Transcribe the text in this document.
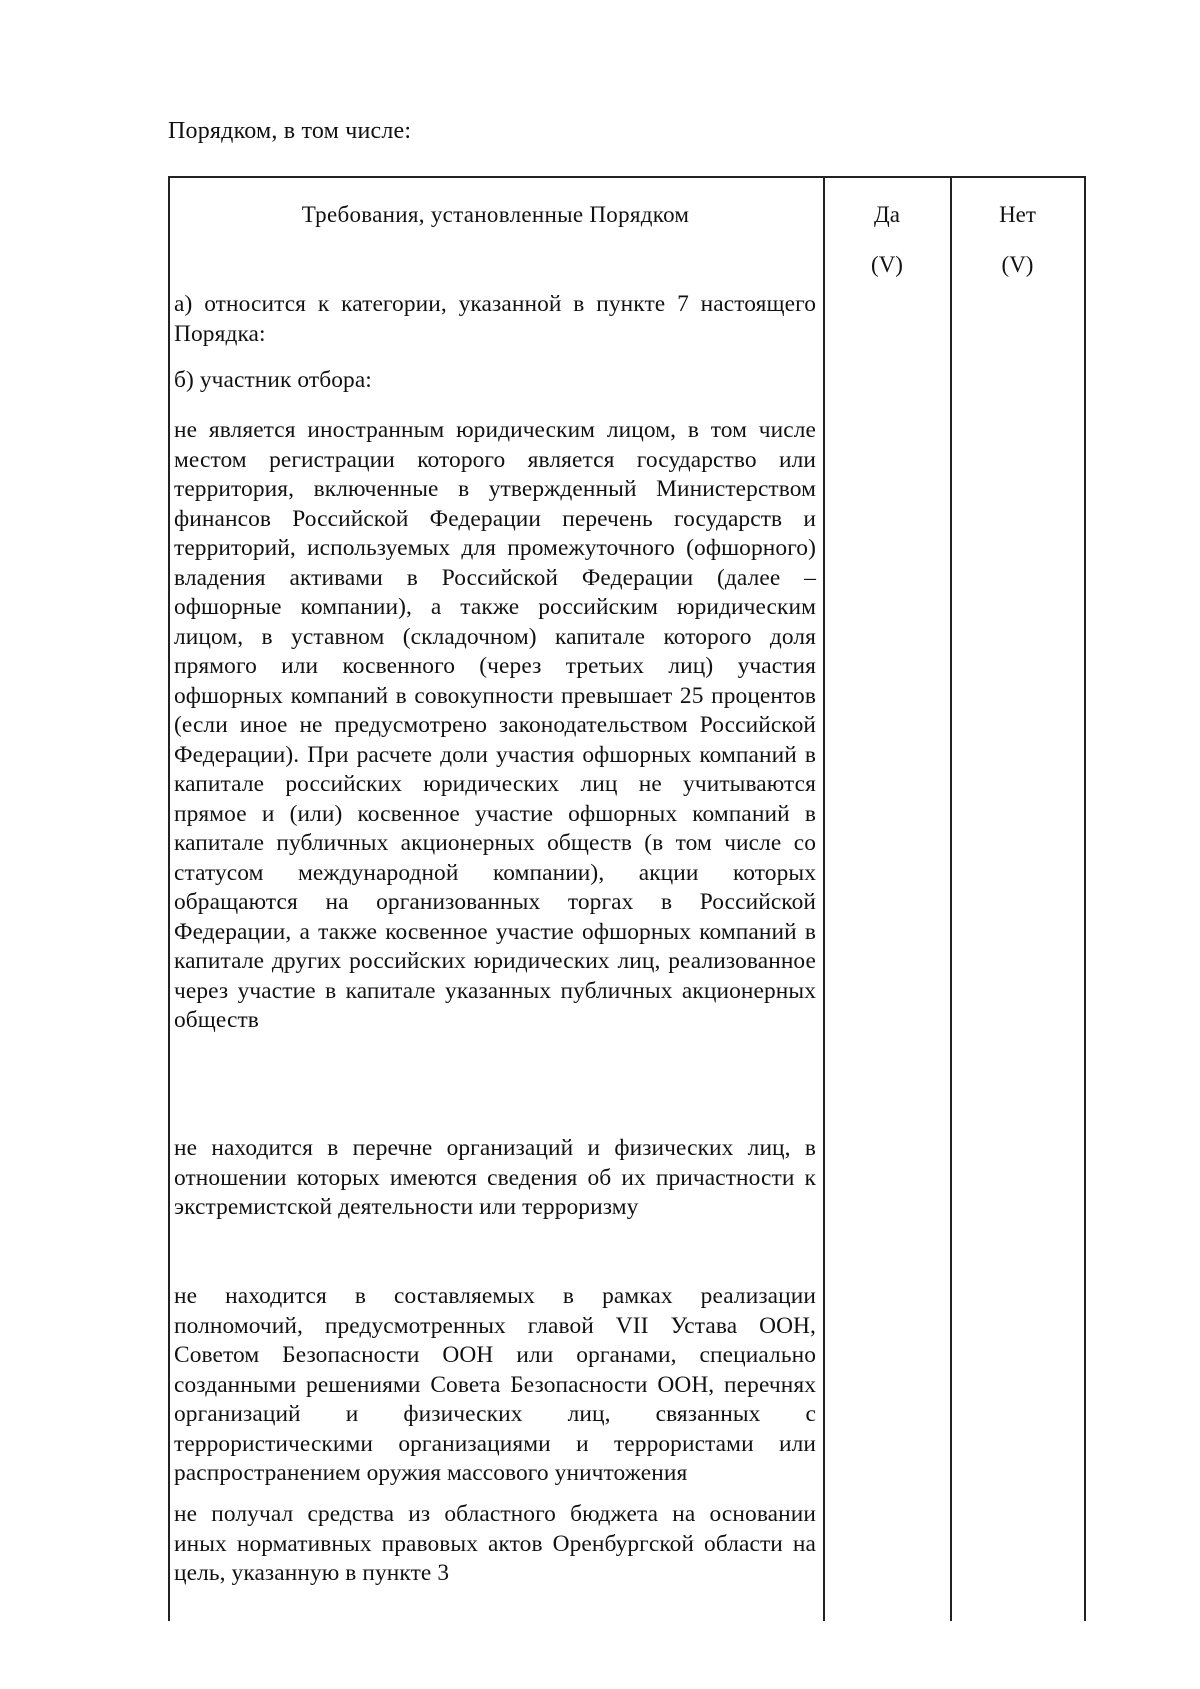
Порядком, в том числе:
Требования, установленные Порядком	Да
(V)
Нет
(V)
а) относится к категории, указанной в пункте 7 настоящего Порядка:
б) участник отбора:
не является иностранным юридическим лицом, в том числе местом регистрации которого является государство или территория, включенные в утвержденный Министерством финансов Российской Федерации перечень государств и территорий, используемых для промежуточного (офшорного) владения активами в Российской Федерации (далее – офшорные компании), а также российским юридическим лицом, в уставном (складочном) капитале которого доля прямого или косвенного (через третьих лиц) участия офшорных компаний в совокупности превышает 25 процентов (если иное не предусмотрено законодательством Российской Федерации). При расчете доли участия офшорных компаний в капитале российских юридических лиц не учитываются прямое и (или) косвенное участие офшорных компаний в капитале публичных акционерных обществ (в том числе со статусом международной компании), акции которых обращаются на организованных торгах в Российской Федерации, а также косвенное участие офшорных компаний в капитале других российских юридических лиц, реализованное через участие в капитале указанных публичных акционерных обществ
не находится в перечне организаций и физических лиц, в отношении которых имеются сведения об их причастности к экстремистской деятельности или терроризму
не находится в составляемых в рамках реализации полномочий, предусмотренных главой VII Устава ООН, Советом Безопасности ООН или органами, специально созданными решениями Совета Безопасности ООН, перечнях организаций и физических лиц, связанных с террористическими организациями и террористами или распространением оружия массового уничтожения
не получал средства из областного бюджета на основании иных нормативных правовых актов Оренбургской области на цель, указанную в пункте 3
